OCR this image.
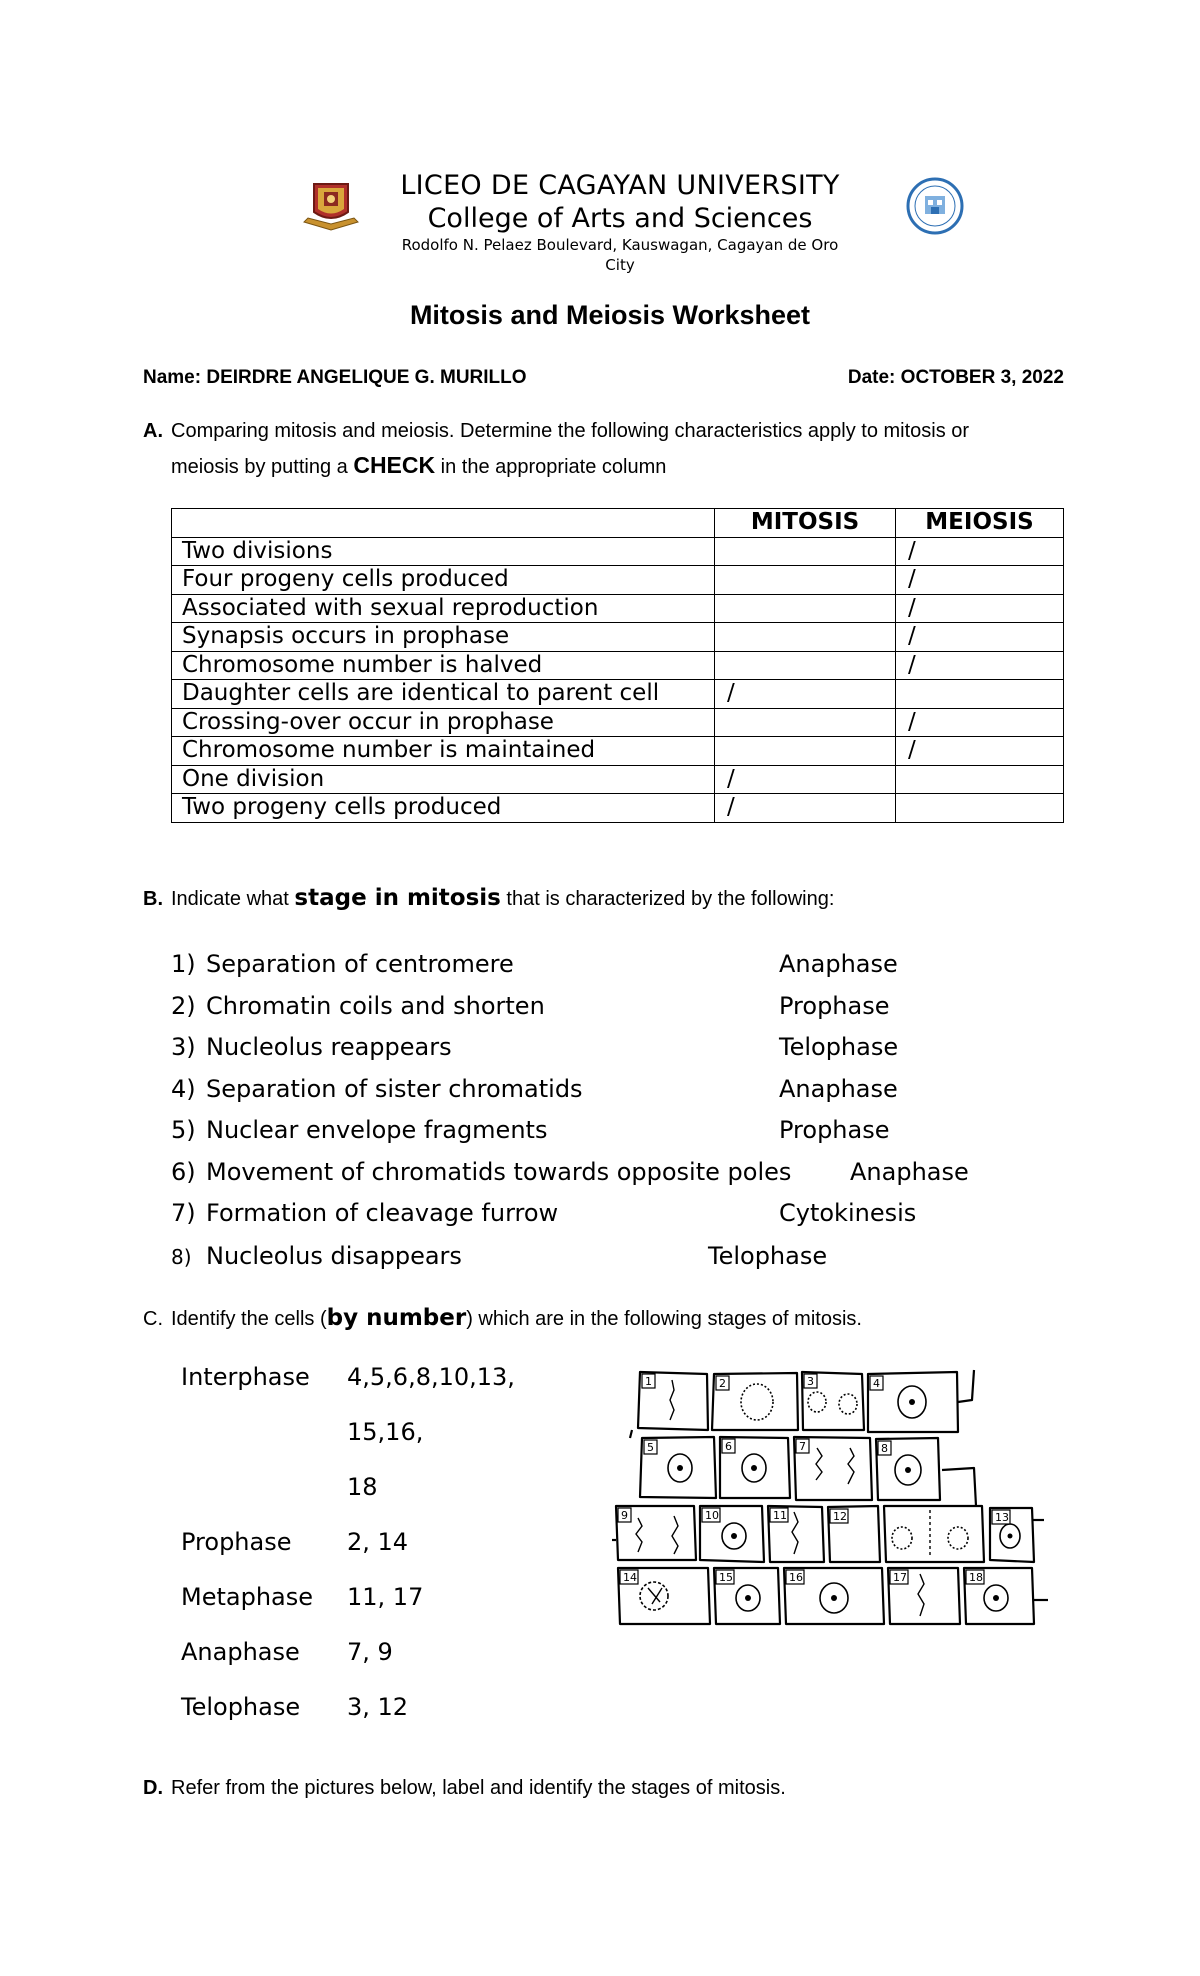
LICEO DE CAGAYAN UNIVERSITY
College of Arts and Sciences
Rodolfo N. Pelaez Boulevard, Kauswagan, Cagayan de Oro
City
Mitosis and Meiosis Worksheet
Name: DEIRDRE ANGELIQUE G. MURILLO	Date: OCTOBER 3, 2022
A. Comparing mitosis and meiosis. Determine the following characteristics apply to mitosis or
meiosis by putting a CHECK in the appropriate column
	MITOSIS	MEIOSIS
Two divisions		/
Four progeny cells produced		/
Associated with sexual reproduction		/
Synapsis occurs in prophase		/
Chromosome number is halved		/
Daughter cells are identical to parent cell	/	
Crossing-over occur in prophase		/
Chromosome number is maintained		/
One division	/	
Two progeny cells produced	/	
B. Indicate what stage in mitosis that is characterized by the following:
1) Separation of centromere	Anaphase
2) Chromatin coils and shorten	Prophase
3) Nucleolus reappears	Telophase
4) Separation of sister chromatids	Anaphase
5) Nuclear envelope fragments	Prophase
6) Movement of chromatids towards opposite poles Anaphase
7) Formation of cleavage furrow	Cytokinesis
8) Nucleolus disappears	Telophase
C. Identify the cells (by number) which are in the following stages of mitosis.
Interphase 4,5,6,8,10,13,
15,16,
18
Prophase 2, 14
Metaphase 11, 17
Anaphase 7, 9
Telophase 3, 12
1	2	3	4
5	6	7	8
9	10	11	12	13
14	15	16	17	18
D. Refer from the pictures below, label and identify the stages of mitosis.
